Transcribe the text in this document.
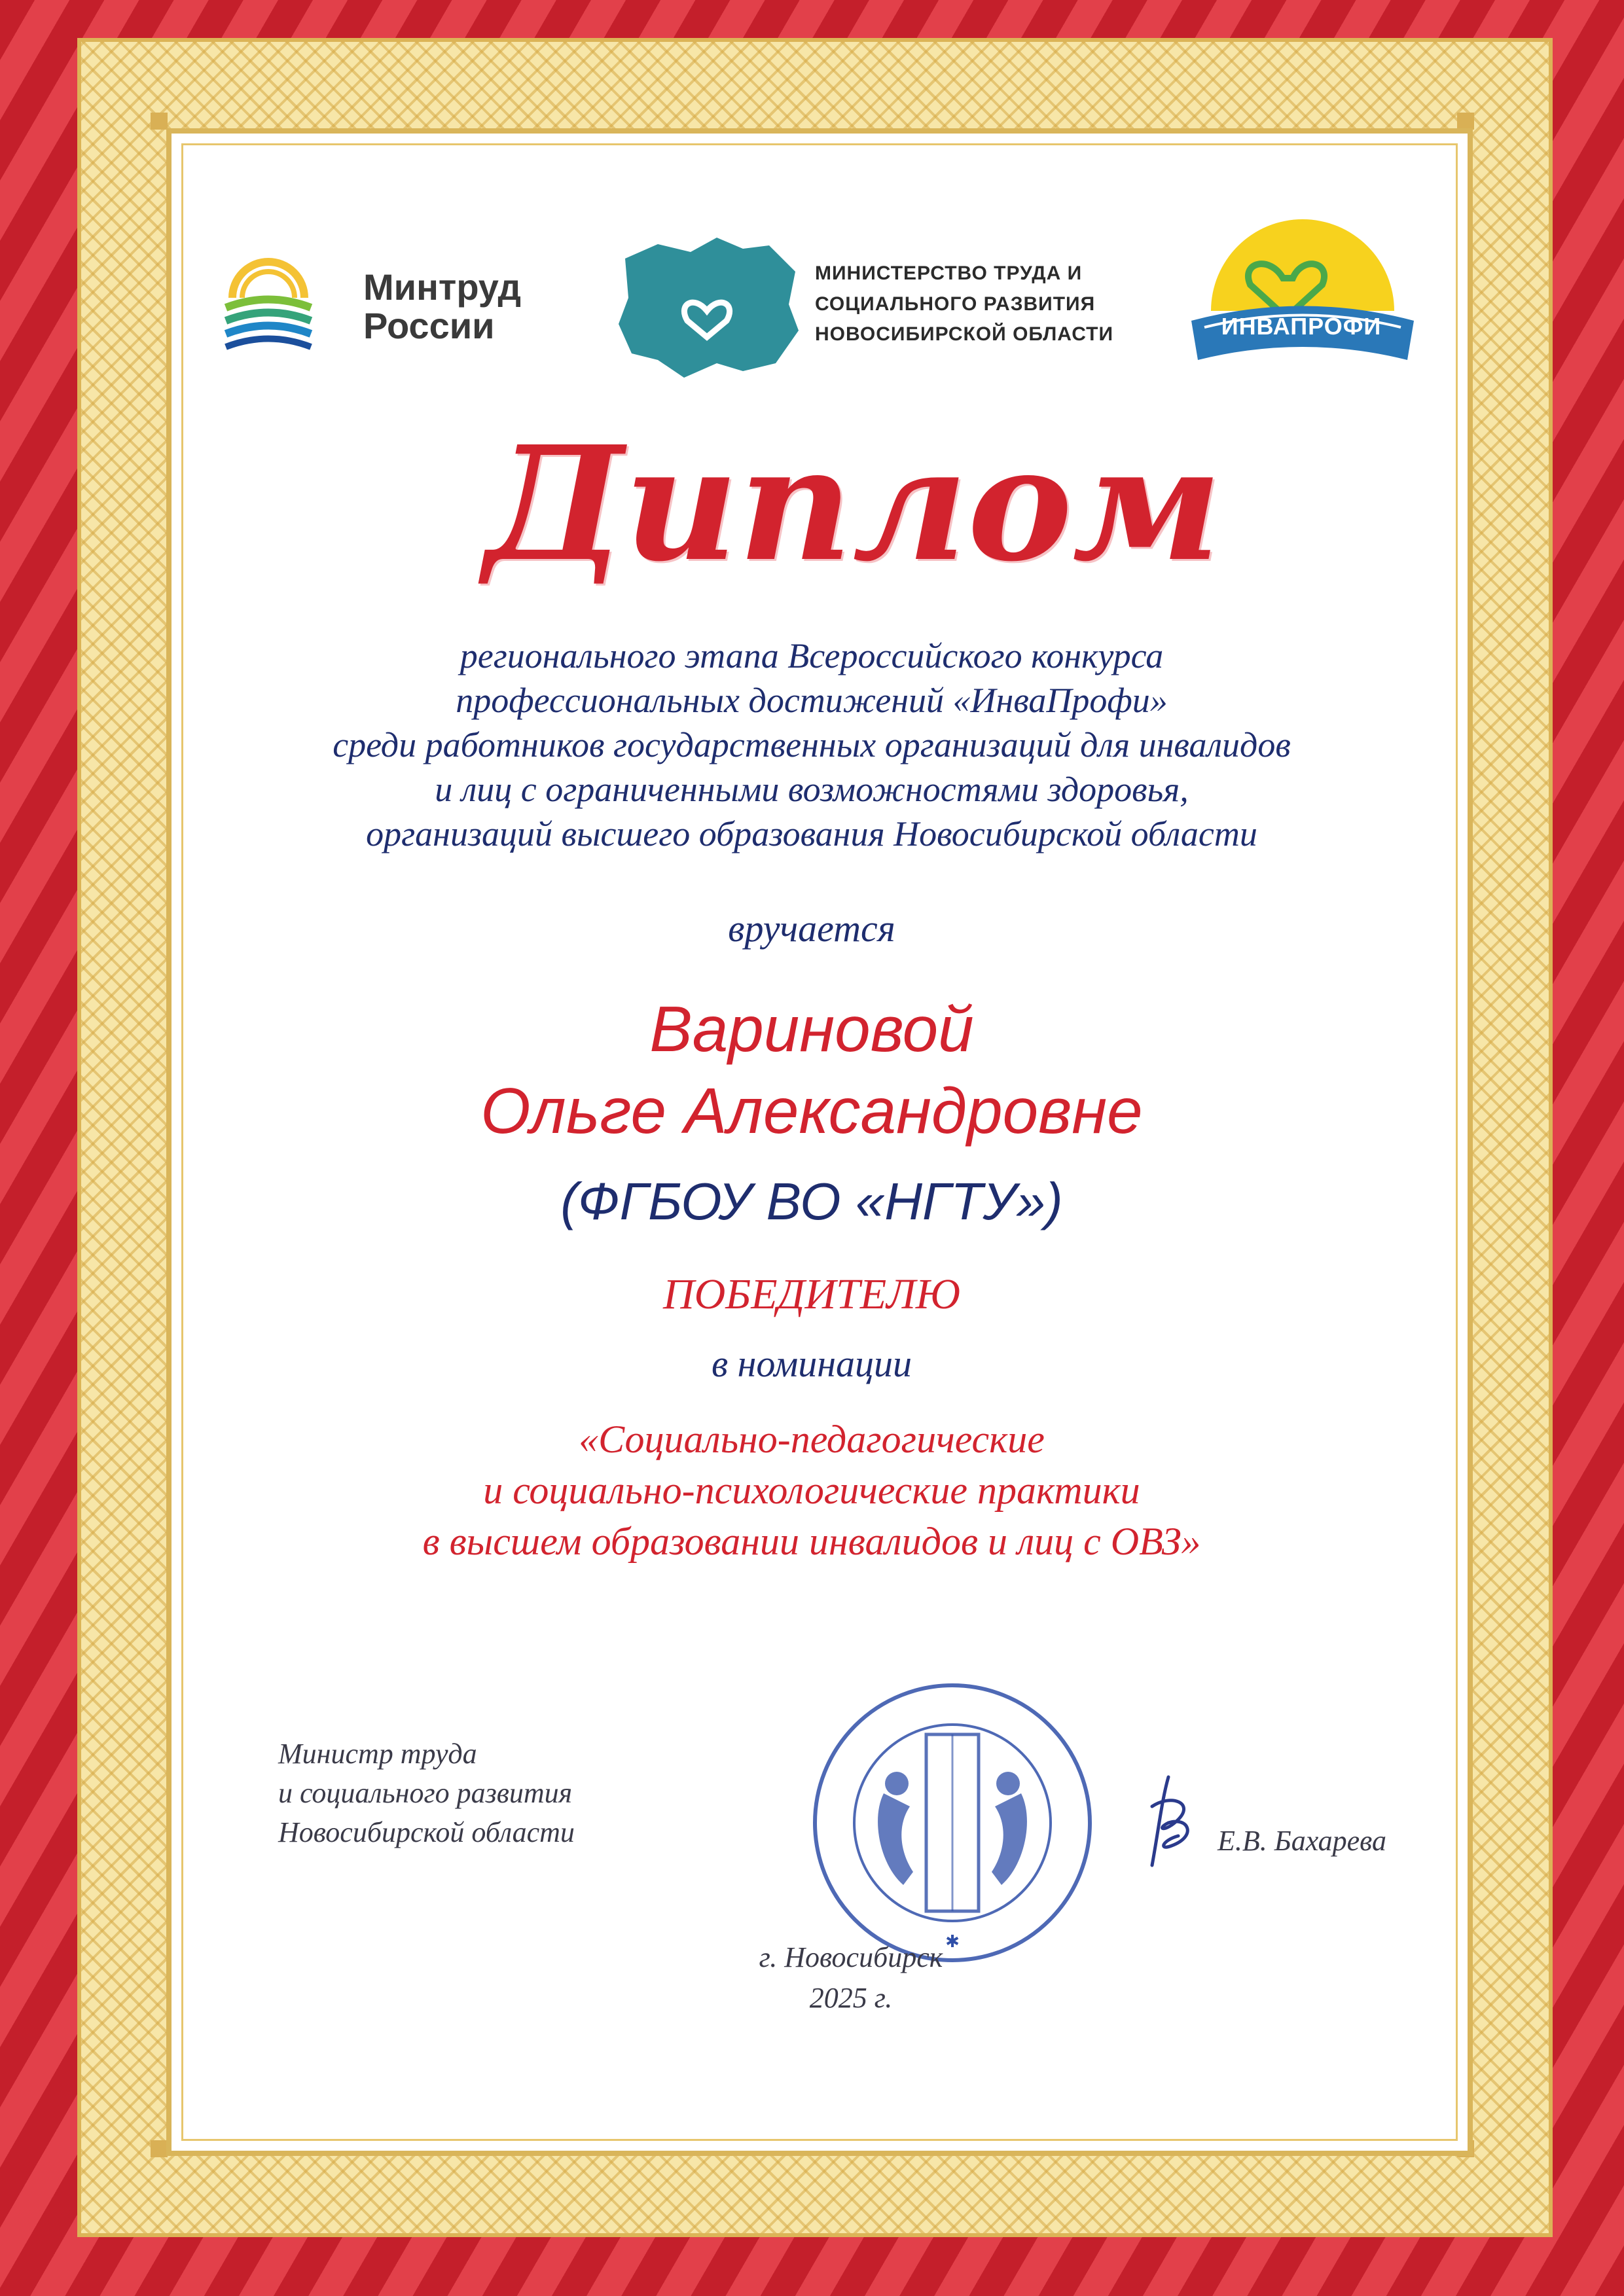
Минтруд России
МИНИСТЕРСТВО ТРУДА И
СОЦИАЛЬНОГО РАЗВИТИЯ
НОВОСИБИРСКОЙ ОБЛАСТИ	ИНВАПРОФИ
Диплом
регионального этапа Всероссийского конкурса
профессиональных достижений «ИнваПрофи»
среди работников государственных организаций для инвалидов
и лиц с ограниченными возможностями здоровья,
организаций высшего образования Новосибирской области
вручается
Вариновой
Ольге Александровне
(ФГБОУ ВО «НГТУ»)
ПОБЕДИТЕЛЮ
в номинации
«Социально-педагогические
и социально-психологические практики
в высшем образовании инвалидов и лиц с ОВЗ»
Министр труда
и социального развития
Новосибирской области
✱
Е.В. Бахарева
г. Новосибирск
2025 г.
